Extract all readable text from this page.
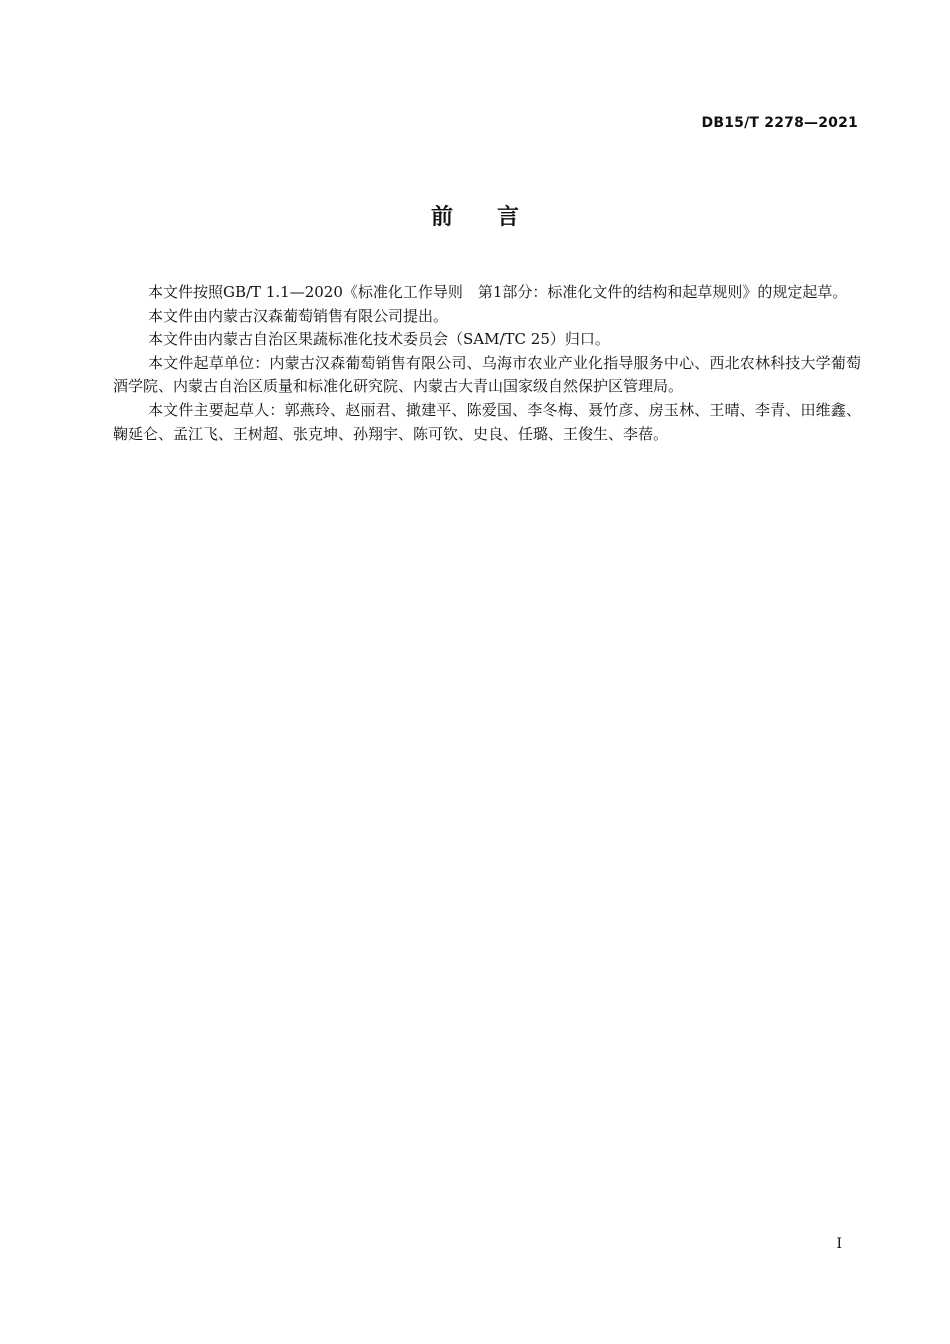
DB15/T 2278—2021
前言

本文件按照GB/T 1.1—2020《标准化工作导则　第1部分：标准化文件的结构和起草规则》的规定起草。

本文件由内蒙古汉森葡萄销售有限公司提出。

本文件由内蒙古自治区果蔬标准化技术委员会（SAM/TC 25）归口。

本文件起草单位：内蒙古汉森葡萄销售有限公司、乌海市农业产业化指导服务中心、西北农林科技大学葡萄酒学院、内蒙古自治区质量和标准化研究院、内蒙古大青山国家级自然保护区管理局。

本文件主要起草人：郭燕玲、赵丽君、撖建平、陈爱国、李冬梅、聂竹彦、房玉林、王晴、李青、田维鑫、鞠延仑、孟江飞、王树超、张克坤、孙翔宇、陈可钦、史良、任璐、王俊生、李蓓。

I
